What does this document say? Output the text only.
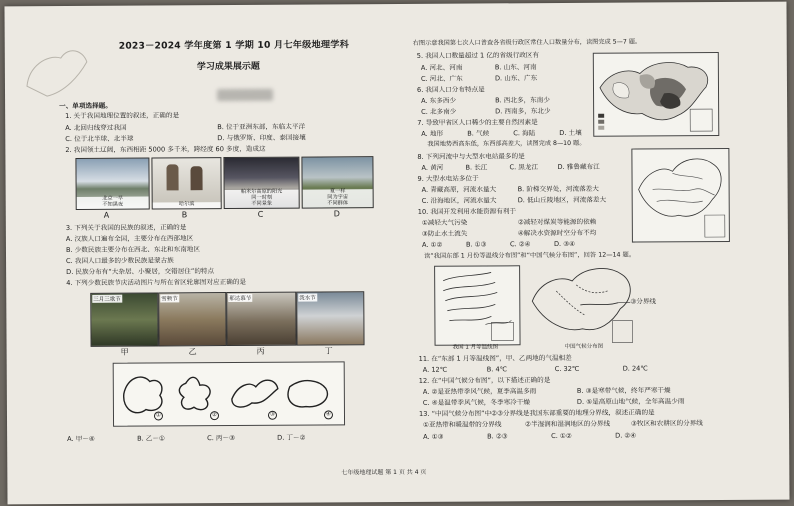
2023－2024 学年度第 1 学期 10 月七年级地理学科
学习成果展示题
一、单项选择题。
1. 关于我国地理位置的叙述，正确的是
A. 北回归线穿过我国	B. 位于亚洲东部，东临太平洋
C. 位于北半球、北半球	D. 与俄罗斯、印度、泰国接壤
2. 我国领土辽阔，东西相距 5000 多千米，跨经度 60 多度，造成这
北京一早
不知黑夜	哈尔滨
帕米尔高原的阳光
同一时刻
不同景象
夏一样
同为宇宙
不同群体
A	B	C	D
3. 下列关于我国的民族的叙述，正确的是
A. 汉族人口遍布全国，主要分布在西部地区
B. 少数民族主要分布在西北、东北和东南地区
C. 我国人口最多的少数民族是蒙古族
D. 民族分布有“大杂居、小聚居，交错居住”的特点
4. 下列少数民族节庆活动图片与所在省区轮廓图对应正确的是
三月三歌节	雪顿节	那达慕节	泼水节
甲	乙	丙	丁
①	②	③	④
A. 甲－④	B. 乙－①	C. 丙－③	D. 丁－②
右图示意我国第七次人口普查各省级行政区常住人口数量分布，读图完成 5—7 题。
5. 我国人口数量超过 1 亿的省级行政区有
A. 河北、河南	B. 山东、河南
C. 河北、广东	D. 山东、广东
6. 我国人口分布特点是
A. 东多西少	B. 西北多，东南少
C. 北多南少	D. 西南多，东北少
7. 导致甲省区人口稀少的主要自然因素是
A. 地形	B. 气候	C. 海陆	D. 土壤
我国地势西高东低，东西部高差大，读图完成 8—10 题。
8. 下列河流中与大型水电站最多的是
A. 黄河	B. 长江	C. 黑龙江	D. 雅鲁藏布江
9. 大型水电站多位于
A. 青藏高原，河流水量大	B. 阶梯交界处，河流落差大
C. 沿海地区，河流水量大	D. 低山丘陵地区，河流落差大
10. 我国开发利用水能资源有利于
①减轻大气污染	②减轻对煤炭等能源的依赖
③防止水土流失	④解决水资源时空分布不均
A. ①②	B. ①③	C. ②④	D. ③④
读“我国东部 1 月份等温线分布图”和“中国气候分布图”，回答 12—14 题。
我国 1 月等温线图
③分界线
中国气候分布图
11. 在“东部 1 月等温线图”，甲、乙两地的气温相差
A. 12℃	B. 4℃	C. 32℃	D. 24℃
12. 在“中国气候分布图”，以下描述正确的是
A. ②是亚热带季风气候，夏季高温多雨	B. ③是寒带气候，终年严寒干燥
C. ④是温带季风气候，冬季寒冷干燥	D. ⑤是高原山地气候，全年高温少雨
13. “中国气候分布图”中②③分界线是我国东部重要的地理分界线，叙述正确的是
①亚热带和暖温带的分界线	②半湿润和湿润地区的分界线	③牧区和农耕区的分界线
A. ①③	B. ②③	C. ①②	D. ②④
七年级地理试题 第 1 页 共 4 页
